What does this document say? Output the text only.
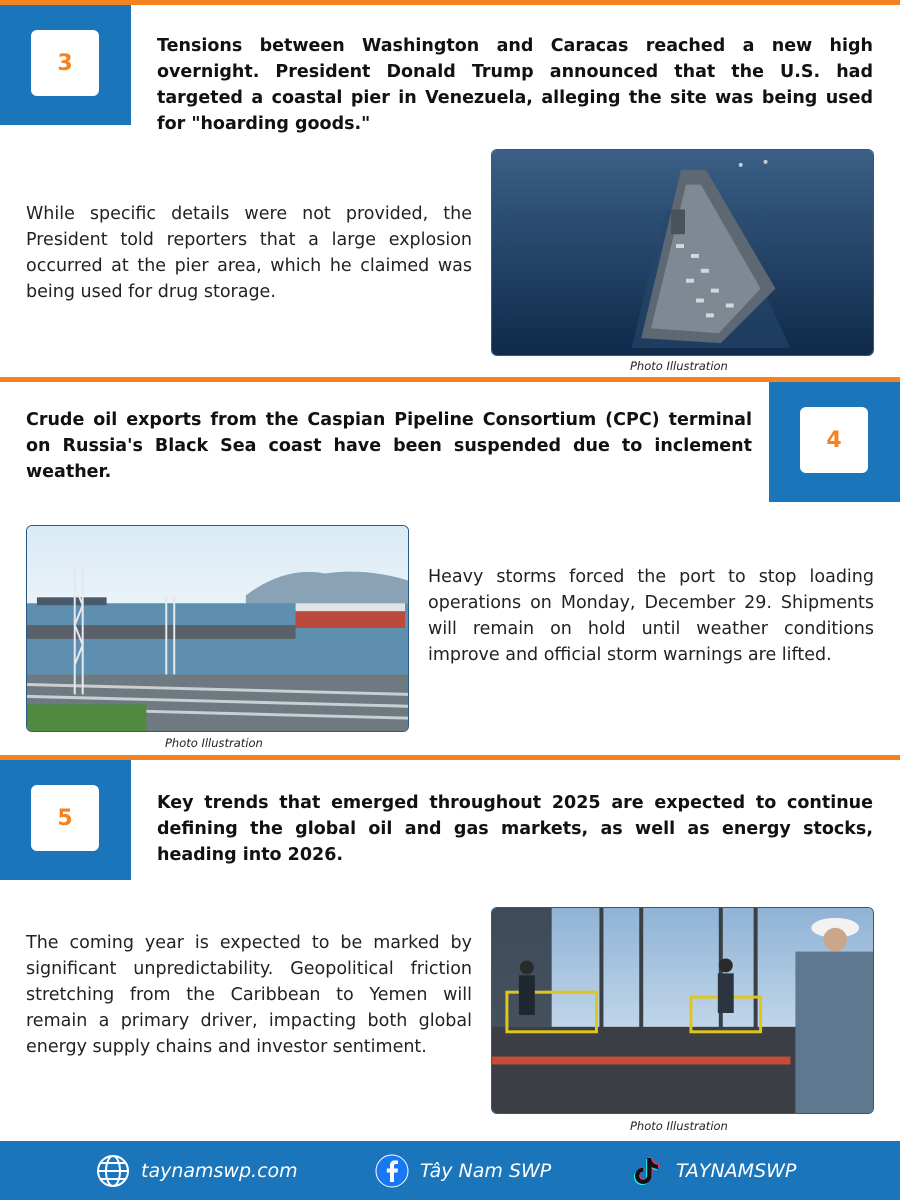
3
Tensions between Washington and Caracas reached a new high overnight. President Donald Trump announced that the U.S. had targeted a coastal pier in Venezuela, alleging the site was being used for "hoarding goods."
While specific details were not provided, the President told reporters that a large explosion occurred at the pier area, which he claimed was being used for drug storage.
Photo Illustration
4
Crude oil exports from the Caspian Pipeline Consortium (CPC) terminal on Russia's Black Sea coast have been suspended due to inclement weather.
Photo Illustration
Heavy storms forced the port to stop loading operations on Monday, December 29. Shipments will remain on hold until weather conditions improve and official storm warnings are lifted.
5
Key trends that emerged throughout 2025 are expected to continue defining the global oil and gas markets, as well as energy stocks, heading into 2026.
The coming year is expected to be marked by significant unpredictability. Geopolitical friction stretching from the Caribbean to Yemen will remain a primary driver, impacting both global energy supply chains and investor sentiment.
Photo Illustration
taynamswp.com	Tây Nam SWP	TAYNAMSWP
